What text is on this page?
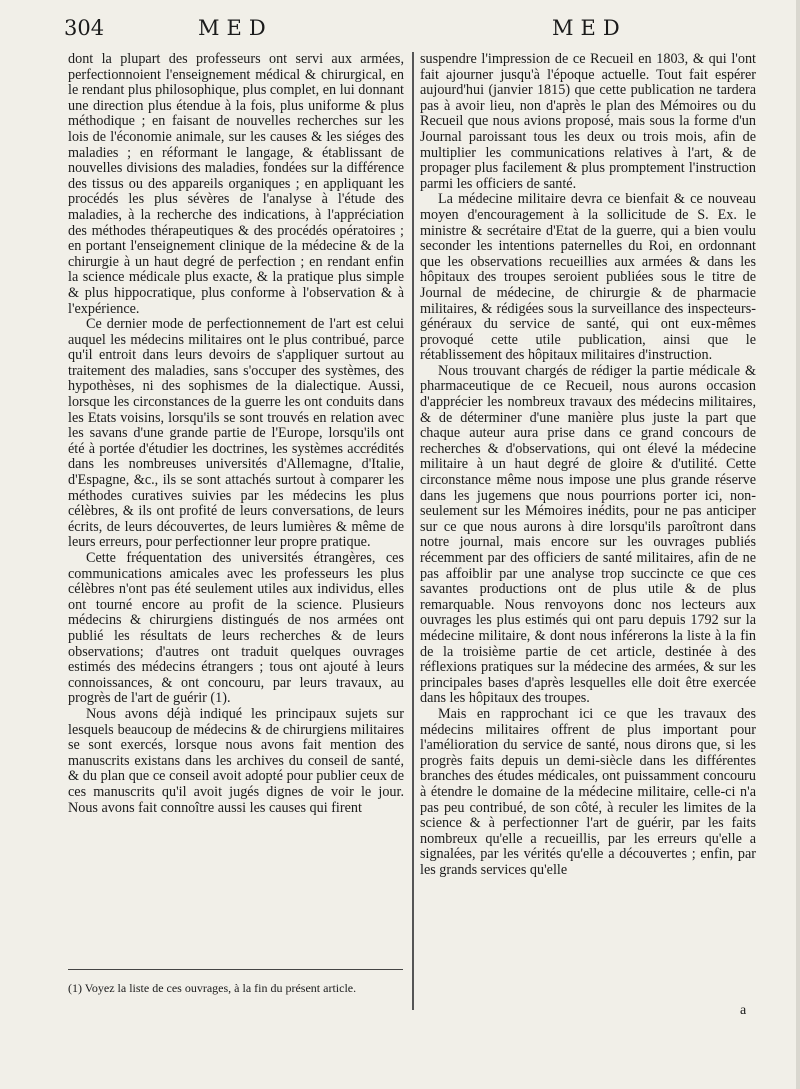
304	MED	MED

dont la plupart des professeurs ont servi aux armées, perfectionnoient l'enseignement médical & chirurgical, en le rendant plus philosophique, plus complet, en lui donnant une direction plus étendue à la fois, plus uniforme & plus méthodique ; en faisant de nouvelles recherches sur les lois de l'économie animale, sur les causes & les siéges des maladies ; en réformant le langage, & établissant de nouvelles divisions des maladies, fondées sur la différence des tissus ou des appareils organiques ; en appliquant les procédés les plus sévères de l'analyse à l'étude des maladies, à la recherche des indications, à l'appréciation des méthodes thérapeutiques & des procédés opératoires ; en portant l'enseignement clinique de la médecine & de la chirurgie à un haut degré de perfection ; en rendant enfin la science médicale plus exacte, & la pratique plus simple & plus hippocratique, plus conforme à l'observation & à l'expérience.

Ce dernier mode de perfectionnement de l'art est celui auquel les médecins militaires ont le plus contribué, parce qu'il entroit dans leurs devoirs de s'appliquer surtout au traitement des maladies, sans s'occuper des systèmes, des hypothèses, ni des sophismes de la dialectique. Aussi, lorsque les circonstances de la guerre les ont conduits dans les Etats voisins, lorsqu'ils se sont trouvés en relation avec les savans d'une grande partie de l'Europe, lorsqu'ils ont été à portée d'étudier les doctrines, les systèmes accrédités dans les nombreuses universités d'Allemagne, d'Italie, d'Espagne, &c., ils se sont attachés surtout à comparer les méthodes curatives suivies par les médecins les plus célèbres, & ils ont profité de leurs conversations, de leurs écrits, de leurs découvertes, de leurs lumières & même de leurs erreurs, pour perfectionner leur propre pratique.

Cette fréquentation des universités étrangères, ces communications amicales avec les professeurs les plus célèbres n'ont pas été seulement utiles aux individus, elles ont tourné encore au profit de la science. Plusieurs médecins & chirurgiens distingués de nos armées ont publié les résultats de leurs recherches & de leurs observations; d'autres ont traduit quelques ouvrages estimés des médecins étrangers ; tous ont ajouté à leurs connoissances, & ont concouru, par leurs travaux, au progrès de l'art de guérir (1).

Nous avons déjà indiqué les principaux sujets sur lesquels beaucoup de médecins & de chirurgiens militaires se sont exercés, lorsque nous avons fait mention des manuscrits existans dans les archives du conseil de santé, & du plan que ce conseil avoit adopté pour publier ceux de ces manuscrits qu'il avoit jugés dignes de voir le jour. Nous avons fait connoître aussi les causes qui firent

(1) Voyez la liste de ces ouvrages, à la fin du présent article.

suspendre l'impression de ce Recueil en 1803, & qui l'ont fait ajourner jusqu'à l'époque actuelle. Tout fait espérer aujourd'hui (janvier 1815) que cette publication ne tardera pas à avoir lieu, non d'après le plan des Mémoires ou du Recueil que nous avions proposé, mais sous la forme d'un Journal paroissant tous les deux ou trois mois, afin de multiplier les communications relatives à l'art, & de propager plus facilement & plus promptement l'instruction parmi les officiers de santé.

La médecine militaire devra ce bienfait & ce nouveau moyen d'encouragement à la sollicitude de S. Ex. le ministre & secrétaire d'Etat de la guerre, qui a bien voulu seconder les intentions paternelles du Roi, en ordonnant que les observations recueillies aux armées & dans les hôpitaux des troupes seroient publiées sous le titre de Journal de médecine, de chirurgie & de pharmacie militaires, & rédigées sous la surveillance des inspecteurs-généraux du service de santé, qui ont eux-mêmes provoqué cette utile publication, ainsi que le rétablissement des hôpitaux militaires d'instruction.

Nous trouvant chargés de rédiger la partie médicale & pharmaceutique de ce Recueil, nous aurons occasion d'apprécier les nombreux travaux des médecins militaires, & de déterminer d'une manière plus juste la part que chaque auteur aura prise dans ce grand concours de recherches & d'observations, qui ont élevé la médecine militaire à un haut degré de gloire & d'utilité. Cette circonstance même nous impose une plus grande réserve dans les jugemens que nous pourrions porter ici, non-seulement sur les Mémoires inédits, pour ne pas anticiper sur ce que nous aurons à dire lorsqu'ils paroîtront dans notre journal, mais encore sur les ouvrages publiés récemment par des officiers de santé militaires, afin de ne pas affoiblir par une analyse trop succincte ce que ces savantes productions ont de plus utile & de plus remarquable. Nous renvoyons donc nos lecteurs aux ouvrages les plus estimés qui ont paru depuis 1792 sur la médecine militaire, & dont nous inférerons la liste à la fin de la troisième partie de cet article, destinée à des réflexions pratiques sur la médecine des armées, & sur les principales bases d'après lesquelles elle doit être exercée dans les hôpitaux des troupes.

Mais en rapprochant ici ce que les travaux des médecins militaires offrent de plus important pour l'amélioration du service de santé, nous dirons que, si les progrès faits depuis un demi-siècle dans les différentes branches des études médicales, ont puissamment concouru à étendre le domaine de la médecine militaire, celle-ci n'a pas peu contribué, de son côté, à reculer les limites de la science & à perfectionner l'art de guérir, par les faits nombreux qu'elle a recueillis, par les erreurs qu'elle a signalées, par les vérités qu'elle a découvertes ; enfin, par les grands services qu'elle

a
